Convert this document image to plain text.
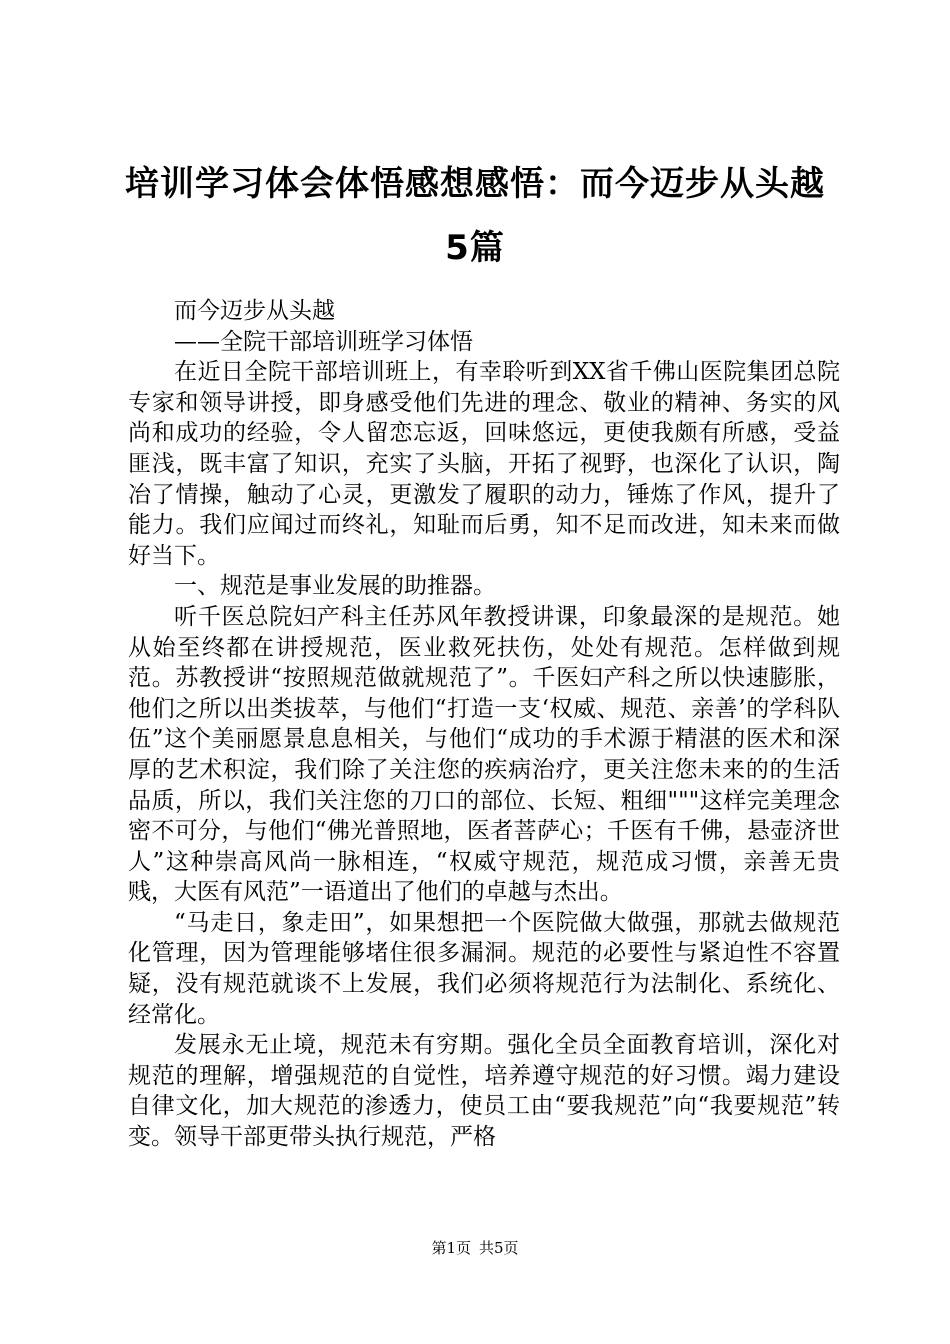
培训学习体会体悟感想感悟：而今迈步从头越
5篇

而今迈步从头越

——全院干部培训班学习体悟

在近日全院干部培训班上，有幸聆听到XX省千佛山医院集团总院专家和领导讲授，即身感受他们先进的理念、敬业的精神、务实的风尚和成功的经验，令人留恋忘返，回味悠远，更使我颇有所感，受益匪浅，既丰富了知识，充实了头脑，开拓了视野，也深化了认识，陶冶了情操，触动了心灵，更激发了履职的动力，锤炼了作风，提升了能力。我们应闻过而终礼，知耻而后勇，知不足而改进，知未来而做好当下。

一、规范是事业发展的助推器。

听千医总院妇产科主任苏风年教授讲课，印象最深的是规范。她从始至终都在讲授规范，医业救死扶伤，处处有规范。怎样做到规范。苏教授讲“按照规范做就规范了”。千医妇产科之所以快速膨胀，他们之所以出类拔萃，与他们“打造一支‘权威、规范、亲善’的学科队伍”这个美丽愿景息息相关，与他们“成功的手术源于精湛的医术和深厚的艺术积淀，我们除了关注您的疾病治疗，更关注您未来的的生活品质，所以，我们关注您的刀口的部位、长短、粗细"""这样完美理念密不可分，与他们“佛光普照地，医者菩萨心；千医有千佛，悬壶济世人”这种崇高风尚一脉相连，“权威守规范，规范成习惯，亲善无贵贱，大医有风范”一语道出了他们的卓越与杰出。

“马走日，象走田”，如果想把一个医院做大做强，那就去做规范化管理，因为管理能够堵住很多漏洞。规范的必要性与紧迫性不容置疑，没有规范就谈不上发展，我们必须将规范行为法制化、系统化、经常化。

发展永无止境，规范未有穷期。强化全员全面教育培训，深化对规范的理解，增强规范的自觉性，培养遵守规范的好习惯。竭力建设自律文化，加大规范的渗透力，使员工由“要我规范”向“我要规范”转变。领导干部更带头执行规范，严格

第1页 共5页
